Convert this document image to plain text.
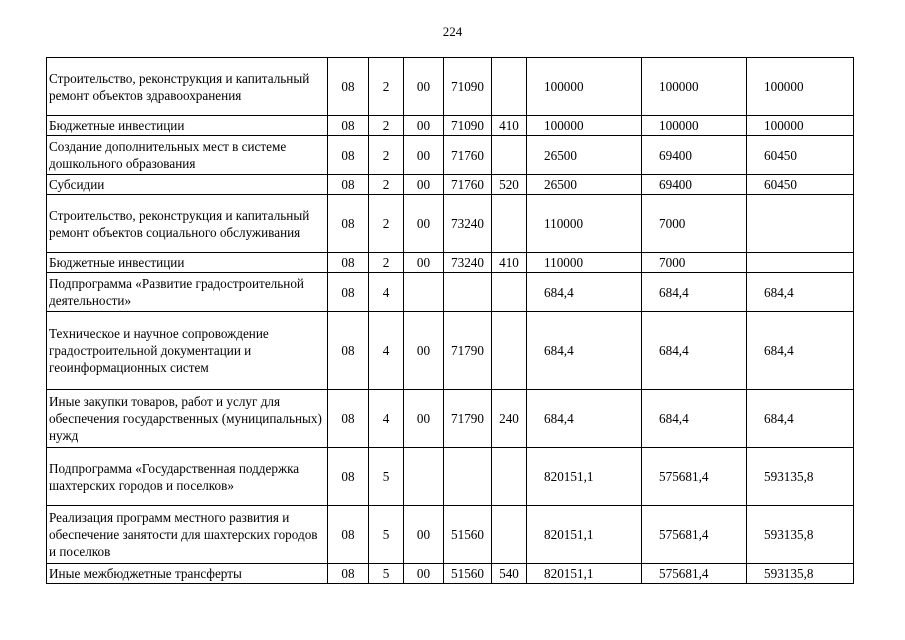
224
Строительство, реконструкция и капитальный ремонт объектов здравоохранения	08	2	00	71090		100000	100000	100000
Бюджетные инвестиции	08	2	00	71090	410	100000	100000	100000
Создание дополнительных мест в системе дошкольного образования	08	2	00	71760		26500	69400	60450
Субсидии	08	2	00	71760	520	26500	69400	60450
Строительство, реконструкция и капитальный ремонт объектов социального обслуживания	08	2	00	73240		110000	7000	
Бюджетные инвестиции	08	2	00	73240	410	110000	7000	
Подпрограмма «Развитие градостроительной деятельности»	08	4				684,4	684,4	684,4
Техническое и научное сопровождение градостроительной документации и геоинформационных систем	08	4	00	71790		684,4	684,4	684,4
Иные закупки товаров, работ и услуг для обеспечения государственных (муниципальных) нужд	08	4	00	71790	240	684,4	684,4	684,4
Подпрограмма «Государственная поддержка шахтерских городов и поселков»	08	5				820151,1	575681,4	593135,8
Реализация программ местного развития и обеспечение занятости для шахтерских городов и поселков	08	5	00	51560		820151,1	575681,4	593135,8
Иные межбюджетные трансферты	08	5	00	51560	540	820151,1	575681,4	593135,8
